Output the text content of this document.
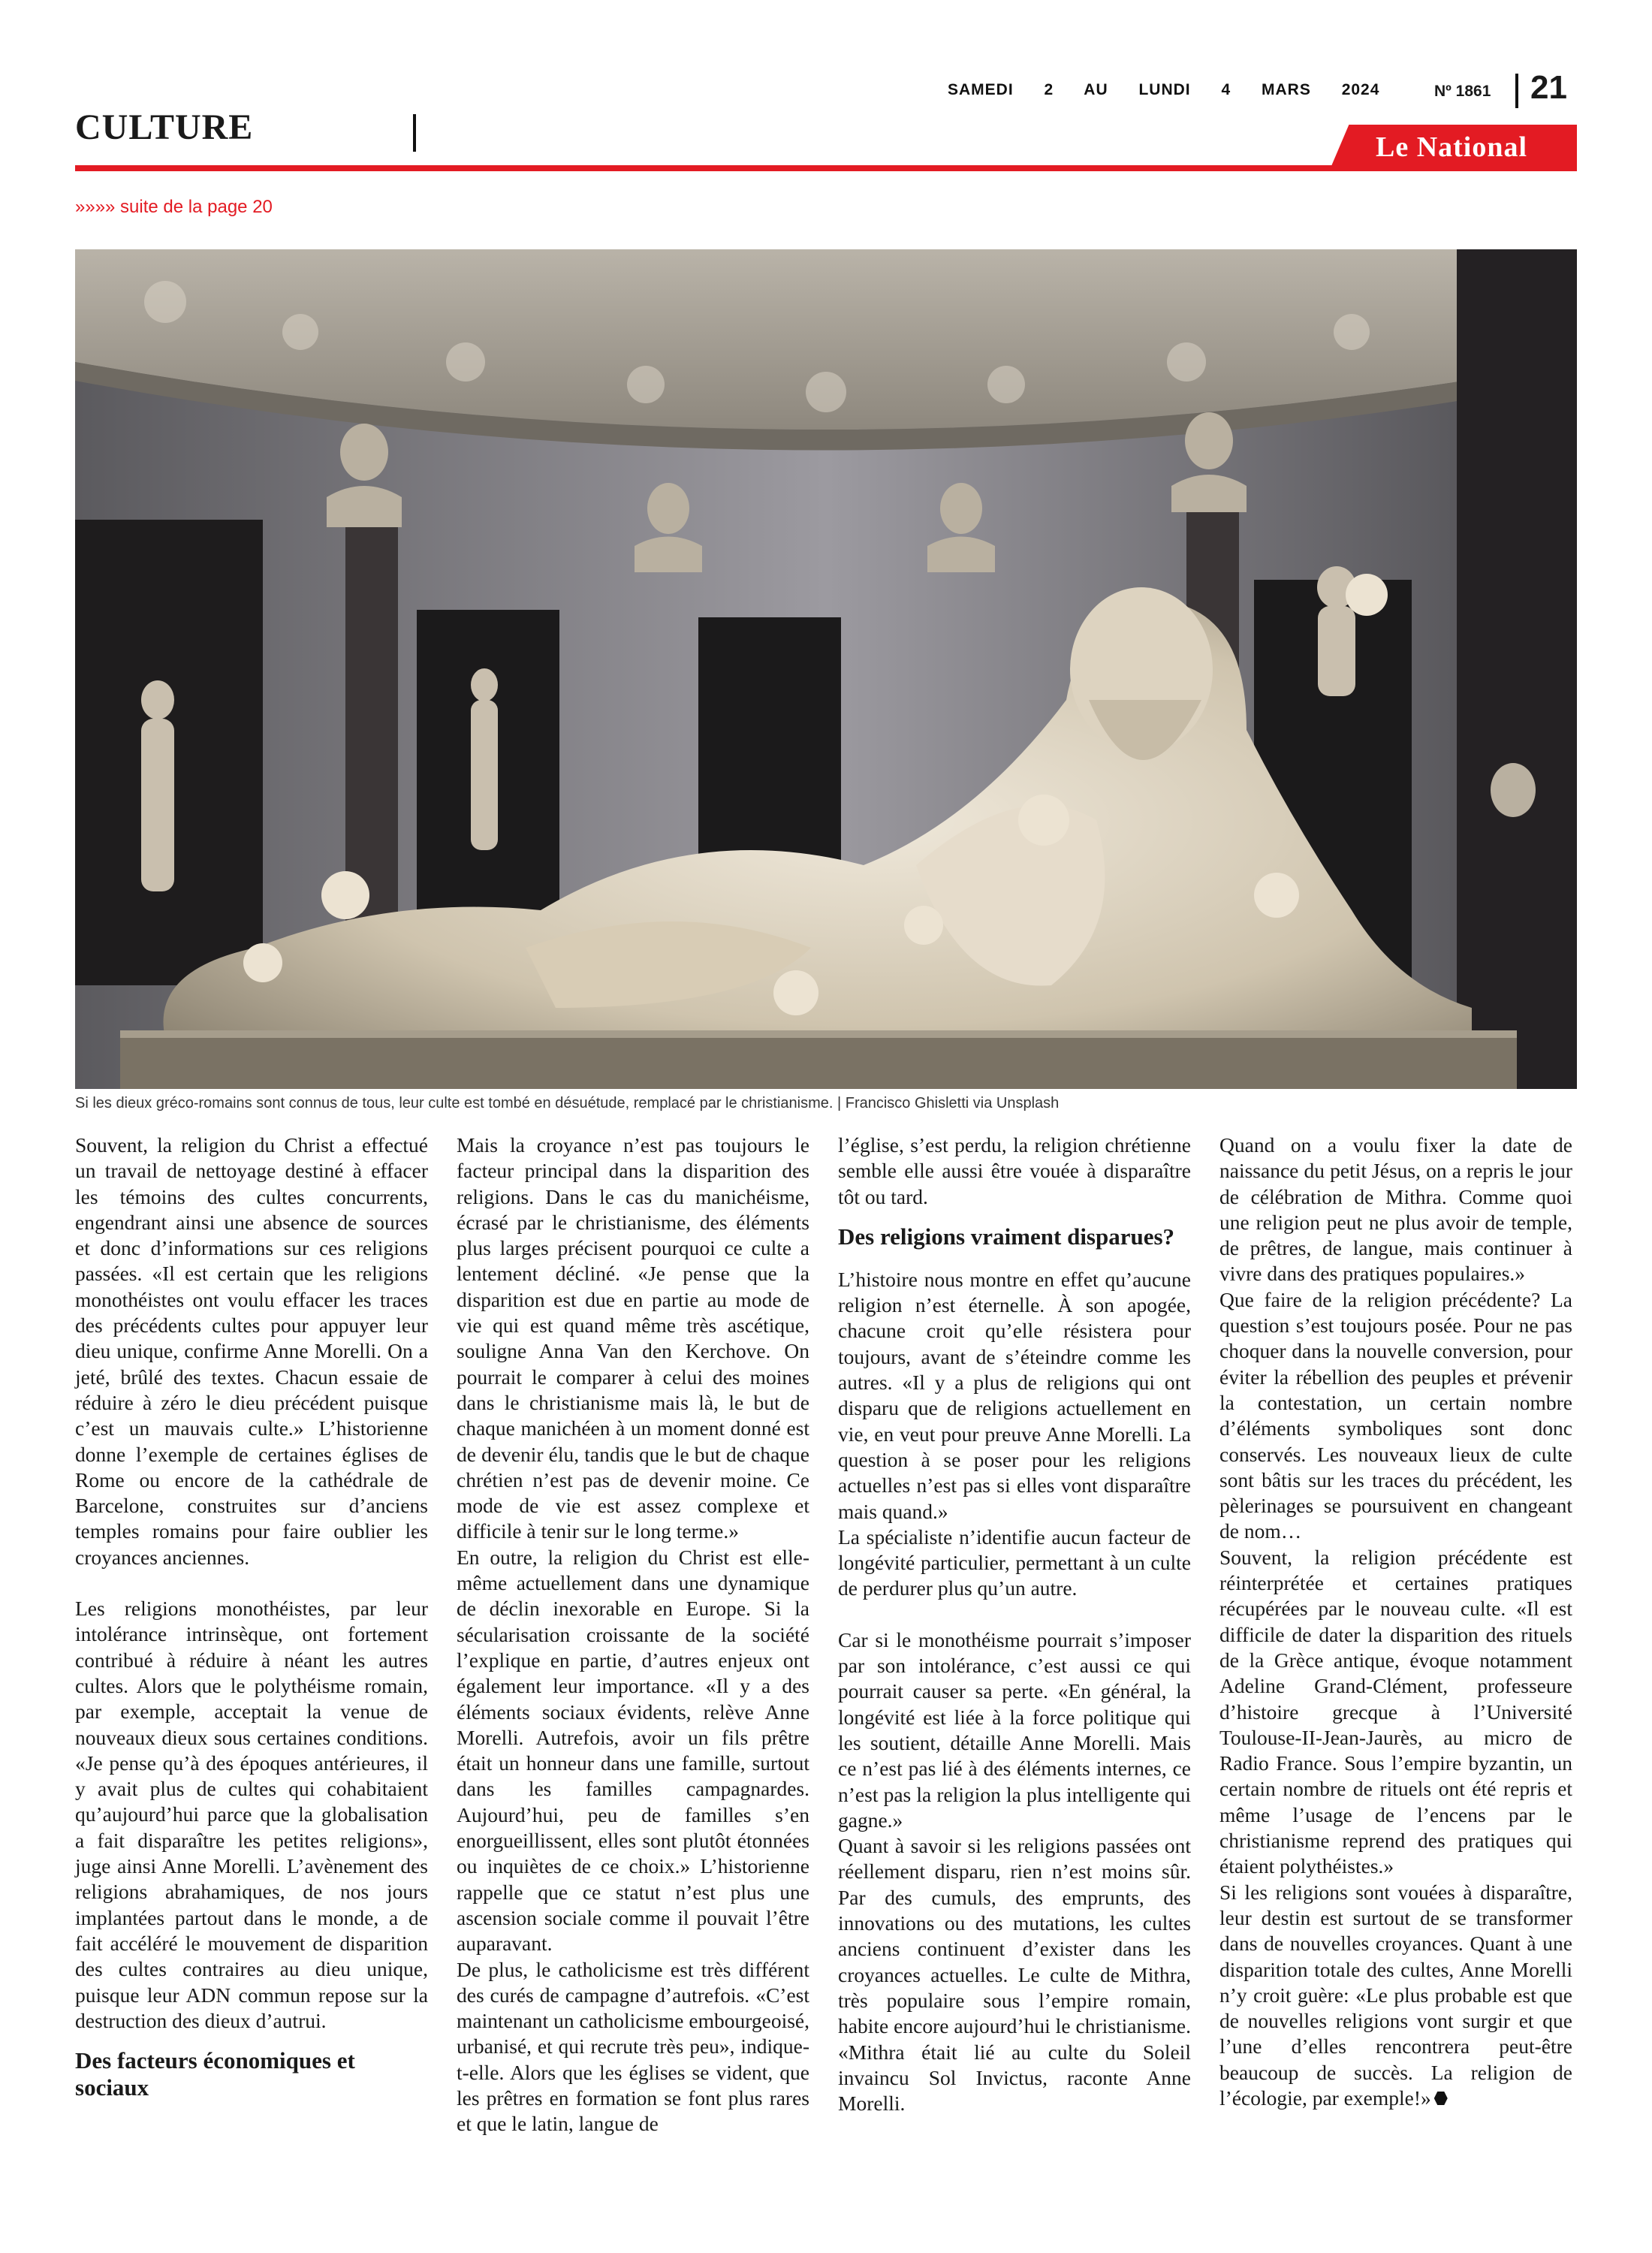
SAMEDI 2 AU LUNDI 4 MARS 2024	Nº 1861 21
CULTURE	Le National
»»»» suite de la page 20
Si les dieux gréco-romains sont connus de tous, leur culte est tombé en désuétude, remplacé par le christianisme. | Francisco Ghisletti via Unsplash

Souvent, la religion du Christ a effectué un travail de nettoyage destiné à effacer les témoins des cultes concurrents, engendrant ainsi une absence de sources et donc d’informations sur ces religions passées. «Il est certain que les religions monothéistes ont voulu effacer les traces des précédents cultes pour appuyer leur dieu unique, confirme Anne Morelli. On a jeté, brûlé des textes. Chacun essaie de réduire à zéro le dieu précédent puisque c’est un mauvais culte.» L’historienne donne l’exemple de certaines églises de Rome ou encore de la cathédrale de Barcelone, construites sur d’anciens temples romains pour faire oublier les croyances anciennes.

Les religions monothéistes, par leur intolérance intrinsèque, ont fortement contribué à réduire à néant les autres cultes. Alors que le polythéisme romain, par exemple, acceptait la venue de nouveaux dieux sous certaines conditions. «Je pense qu’à des époques antérieures, il y avait plus de cultes qui cohabitaient qu’aujourd’hui parce que la globalisation a fait disparaître les petites religions», juge ainsi Anne Morelli. L’avènement des religions abrahamiques, de nos jours implantées partout dans le monde, a de fait accéléré le mouvement de disparition des cultes contraires au dieu unique, puisque leur ADN commun repose sur la destruction des dieux d’autrui.

Des facteurs économiques et sociaux

Mais la croyance n’est pas toujours le facteur principal dans la disparition des religions. Dans le cas du manichéisme, écrasé par le christianisme, des éléments plus larges précisent pourquoi ce culte a lentement décliné. «Je pense que la disparition est due en partie au mode de vie qui est quand même très ascétique, souligne Anna Van den Kerchove. On pourrait le comparer à celui des moines dans le christianisme mais là, le but de chaque manichéen à un moment donné est de devenir élu, tandis que le but de chaque chrétien n’est pas de devenir moine. Ce mode de vie est assez complexe et difficile à tenir sur le long terme.»

En outre, la religion du Christ est elle-même actuellement dans une dynamique de déclin inexorable en Europe. Si la sécularisation croissante de la société l’explique en partie, d’autres enjeux ont également leur importance. «Il y a des éléments sociaux évidents, relève Anne Morelli. Autrefois, avoir un fils prêtre était un honneur dans une famille, surtout dans les familles campagnardes. Aujourd’hui, peu de familles s’en enorgueillissent, elles sont plutôt étonnées ou inquiètes de ce choix.» L’historienne rappelle que ce statut n’est plus une ascension sociale comme il pouvait l’être auparavant.

De plus, le catholicisme est très différent des curés de campagne d’autrefois. «C’est maintenant un catholicisme embourgeoisé, urbanisé, et qui recrute très peu», indique-t-elle. Alors que les églises se vident, que les prêtres en formation se font plus rares et que le latin, langue de

l’église, s’est perdu, la religion chrétienne semble elle aussi être vouée à disparaître tôt ou tard.

Des religions vraiment disparues?

L’histoire nous montre en effet qu’aucune religion n’est éternelle. À son apogée, chacune croit qu’elle résistera pour toujours, avant de s’éteindre comme les autres. «Il y a plus de religions qui ont disparu que de religions actuellement en vie, en veut pour preuve Anne Morelli. La question à se poser pour les religions actuelles n’est pas si elles vont disparaître mais quand.»

La spécialiste n’identifie aucun facteur de longévité particulier, permettant à un culte de perdurer plus qu’un autre.

Car si le monothéisme pourrait s’imposer par son intolérance, c’est aussi ce qui pourrait causer sa perte. «En général, la longévité est liée à la force politique qui les soutient, détaille Anne Morelli. Mais ce n’est pas lié à des éléments internes, ce n’est pas la religion la plus intelligente qui gagne.»

Quant à savoir si les religions passées ont réellement disparu, rien n’est moins sûr. Par des cumuls, des emprunts, des innovations ou des mutations, les cultes anciens continuent d’exister dans les croyances actuelles. Le culte de Mithra, très populaire sous l’empire romain, habite encore aujourd’hui le christianisme. «Mithra était lié au culte du Soleil invaincu Sol Invictus, raconte Anne Morelli.

Quand on a voulu fixer la date de naissance du petit Jésus, on a repris le jour de célébration de Mithra. Comme quoi une religion peut ne plus avoir de temple, de prêtres, de langue, mais continuer à vivre dans des pratiques populaires.»

Que faire de la religion précédente? La question s’est toujours posée. Pour ne pas choquer dans la nouvelle conversion, pour éviter la rébellion des peuples et prévenir la contestation, un certain nombre d’éléments symboliques sont donc conservés. Les nouveaux lieux de culte sont bâtis sur les traces du précédent, les pèlerinages se poursuivent en changeant de nom…

Souvent, la religion précédente est réinterprétée et certaines pratiques récupérées par le nouveau culte. «Il est difficile de dater la disparition des rituels de la Grèce antique, évoque notamment Adeline Grand-Clément, professeure d’histoire grecque à l’Université Toulouse-II-Jean-Jaurès, au micro de Radio France. Sous l’empire byzantin, un certain nombre de rituels ont été repris et même l’usage de l’encens par le christianisme reprend des pratiques qui étaient polythéistes.»

Si les religions sont vouées à disparaître, leur destin est surtout de se transformer dans de nouvelles croyances. Quant à une disparition totale des cultes, Anne Morelli n’y croit guère: «Le plus probable est que de nouvelles religions vont surgir et que l’une d’elles rencontrera peut-être beaucoup de succès. La religion de l’écologie, par exemple!»
